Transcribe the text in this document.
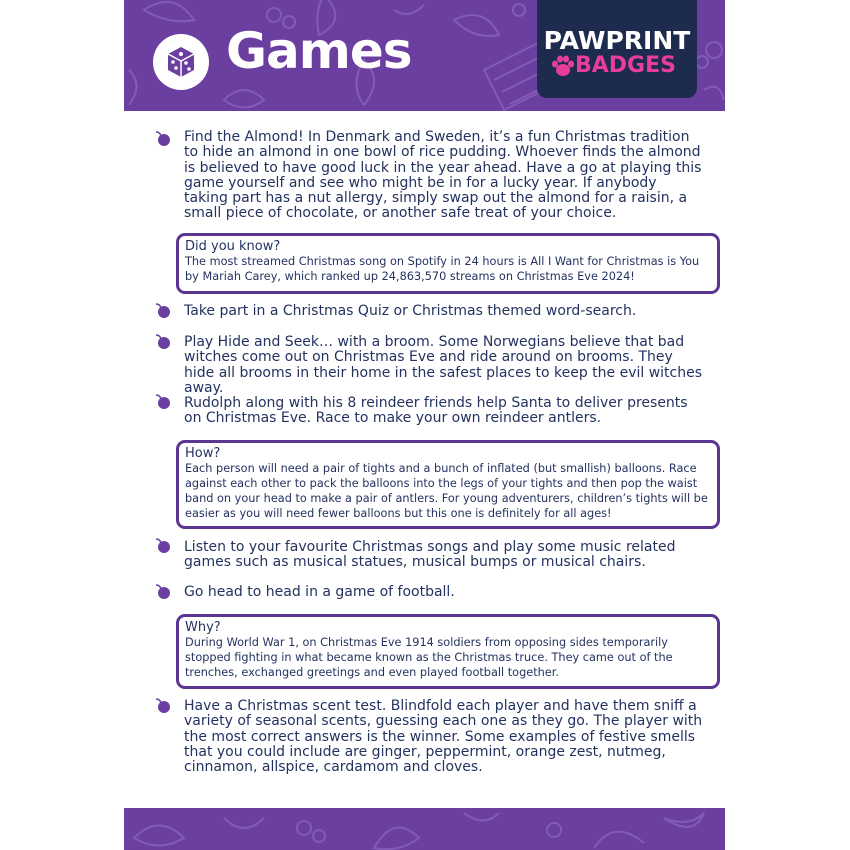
Games	PAWPRINT
BADGES
Find the Almond! In Denmark and Sweden, it’s a fun Christmas tradition to hide an almond in one bowl of rice pudding. Whoever finds the almond is believed to have good luck in the year ahead. Have a go at playing this game yourself and see who might be in for a lucky year. If anybody taking part has a nut allergy, simply swap out the almond for a raisin, a small piece of chocolate, or another safe treat of your choice.
Did you know?
The most streamed Christmas song on Spotify in 24 hours is All I Want for Christmas is You by Mariah Carey, which ranked up 24,863,570 streams on Christmas Eve 2024!
Take part in a Christmas Quiz or Christmas themed word-search.
Play Hide and Seek… with a broom. Some Norwegians believe that bad witches come out on Christmas Eve and ride around on brooms. They hide all brooms in their home in the safest places to keep the evil witches away.
Rudolph along with his 8 reindeer friends help Santa to deliver presents on Christmas Eve. Race to make your own reindeer antlers.
How?
Each person will need a pair of tights and a bunch of inflated (but smallish) balloons. Race against each other to pack the balloons into the legs of your tights and then pop the waist band on your head to make a pair of antlers. For young adventurers, children’s tights will be easier as you will need fewer balloons but this one is definitely for all ages!
Listen to your favourite Christmas songs and play some music related games such as musical statues, musical bumps or musical chairs.
Go head to head in a game of football.
Why?
During World War 1, on Christmas Eve 1914 soldiers from opposing sides temporarily stopped fighting in what became known as the Christmas truce. They came out of the trenches, exchanged greetings and even played football together.
Have a Christmas scent test. Blindfold each player and have them sniff a variety of seasonal scents, guessing each one as they go. The player with the most correct answers is the winner. Some examples of festive smells that you could include are ginger, peppermint, orange zest, nutmeg, cinnamon, allspice, cardamom and cloves.
